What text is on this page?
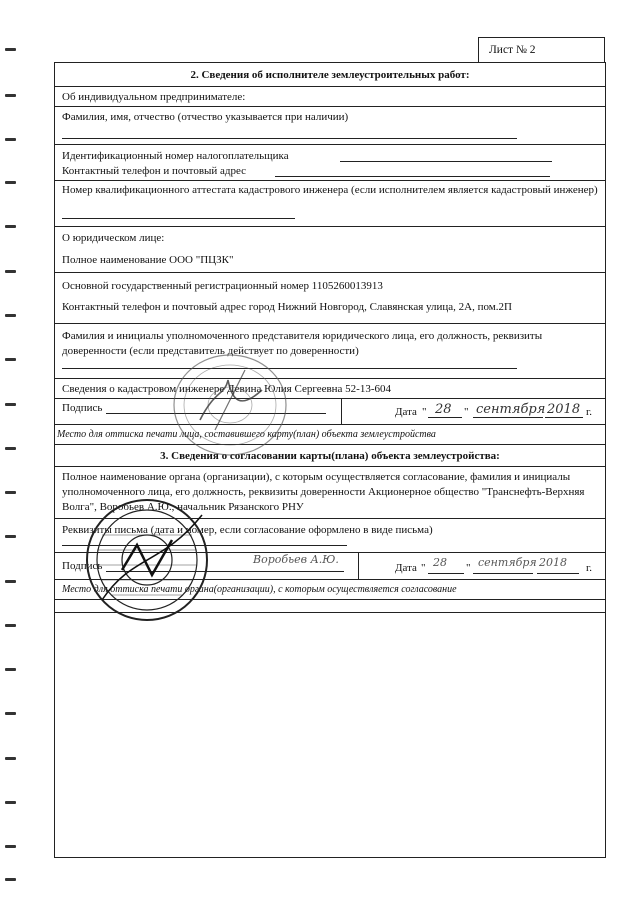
Лист № 2
2. Сведения об исполнителе землеустроительных работ:
Об индивидуальном предпринимателе:
Фамилия, имя, отчество (отчество указывается при наличии)
Идентификационный номер налогоплательщика
Контактный телефон и почтовый адрес
Номер квалификационного аттестата кадастрового инженера (если исполнителем является кадастровый инженер)
О юридическом лице:
Полное наименование ООО "ПЦЗК"
Основной государственный регистрационный номер 1105260013913
Контактный телефон и почтовый адрес город Нижний Новгород, Славянская улица, 2А, пом.2П
Фамилия и инициалы уполномоченного представителя юридического лица, его должность, реквизиты доверенности (если представитель действует по доверенности)
Сведения о кадастровом инженере Девина Юлия Сергеевна 52-13-604
Подпись	Дата " 28 " сентября 2018 г.
Место для оттиска печати лица, составившего карту(план) объекта землеустройства
3. Сведения о согласовании карты(плана) объекта землеустройства:
Полное наименование органа (организации), с которым осуществляется согласование, фамилия и инициалы уполномоченного лица, его должность, реквизиты доверенности Акционерное общество "Транснефть-Верхняя Волга", Воробьев А.Ю., начальник Рязанского РНУ
Реквизиты письма (дата и номер, если согласование оформлено в виде письма)
Подпись	Воробьев А.Ю.
Дата " 28 " сентября 2018 г.
Место для оттиска печати органа(организации), с которым осуществляется согласование
